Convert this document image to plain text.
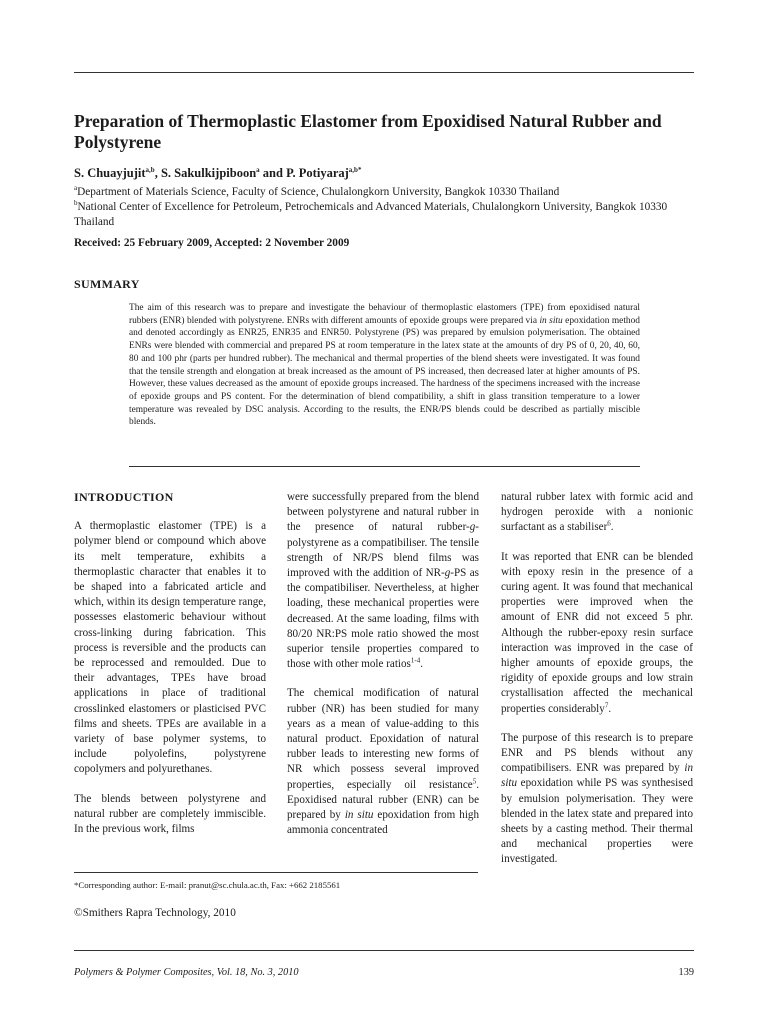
Preparation of Thermoplastic Elastomer from Epoxidised Natural Rubber and Polystyrene
S. Chuayjujit$^{a,b}$, S. Sakulkijpiboon$^a$ and P. Potiyaraj$^{a,b*}$
$^a$Department of Materials Science, Faculty of Science, Chulalongkorn University, Bangkok 10330 Thailand
$^b$National Center of Excellence for Petroleum, Petrochemicals and Advanced Materials, Chulalongkorn University, Bangkok 10330 Thailand
Received: 25 February 2009, Accepted: 2 November 2009
SUMMARY
The aim of this research was to prepare and investigate the behaviour of thermoplastic elastomers (TPE) from epoxidised natural rubbers (ENR) blended with polystyrene. ENRs with different amounts of epoxide groups were prepared via in situ epoxidation method and denoted accordingly as ENR25, ENR35 and ENR50. Polystyrene (PS) was prepared by emulsion polymerisation. The obtained ENRs were blended with commercial and prepared PS at room temperature in the latex state at the amounts of dry PS of 0, 20, 40, 60, 80 and 100 phr (parts per hundred rubber). The mechanical and thermal properties of the blend sheets were investigated. It was found that the tensile strength and elongation at break increased as the amount of PS increased, then decreased later at higher amounts of PS. However, these values decreased as the amount of epoxide groups increased. The hardness of the specimens increased with the increase of epoxide groups and PS content. For the determination of blend compatibility, a shift in glass transition temperature to a lower temperature was revealed by DSC analysis. According to the results, the ENR/PS blends could be described as partially miscible blends.
INTRODUCTION

A thermoplastic elastomer (TPE) is a polymer blend or compound which above its melt temperature, exhibits a thermoplastic character that enables it to be shaped into a fabricated article and which, within its design temperature range, possesses elastomeric behaviour without cross-linking during fabrication. This process is reversible and the products can be reprocessed and remoulded. Due to their advantages, TPEs have broad applications in place of traditional crosslinked elastomers or plasticised PVC films and sheets. TPEs are available in a variety of base polymer systems, to include polyolefins, polystyrene copolymers and polyurethanes.

The blends between polystyrene and natural rubber are completely immiscible. In the previous work, films

were successfully prepared from the blend between polystyrene and natural rubber in the presence of natural rubber-g-polystyrene as a compatibiliser. The tensile strength of NR/PS blend films was improved with the addition of NR-g-PS as the compatibiliser. Nevertheless, at higher loading, these mechanical properties were decreased. At the same loading, films with 80/20 NR:PS mole ratio showed the most superior tensile properties compared to those with other mole ratios$^{1-4}$.

The chemical modification of natural rubber (NR) has been studied for many years as a mean of value-adding to this natural product. Epoxidation of natural rubber leads to interesting new forms of NR which possess several improved properties, especially oil resistance$^5$. Epoxidised natural rubber (ENR) can be prepared by in situ epoxidation from high ammonia concentrated

natural rubber latex with formic acid and hydrogen peroxide with a nonionic surfactant as a stabiliser$^6$.

It was reported that ENR can be blended with epoxy resin in the presence of a curing agent. It was found that mechanical properties were improved when the amount of ENR did not exceed 5 phr. Although the rubber-epoxy resin surface interaction was improved in the case of higher amounts of epoxide groups, the rigidity of epoxide groups and low strain crystallisation affected the mechanical properties considerably$^7$.

The purpose of this research is to prepare ENR and PS blends without any compatibilisers. ENR was prepared by in situ epoxidation while PS was synthesised by emulsion polymerisation. They were blended in the latex state and prepared into sheets by a casting method. Their thermal and mechanical properties were investigated.

*Corresponding author: E-mail: pranut@sc.chula.ac.th, Fax: +662 2185561
©Smithers Rapra Technology, 2010
Polymers & Polymer Composites, Vol. 18, No. 3, 2010	139
